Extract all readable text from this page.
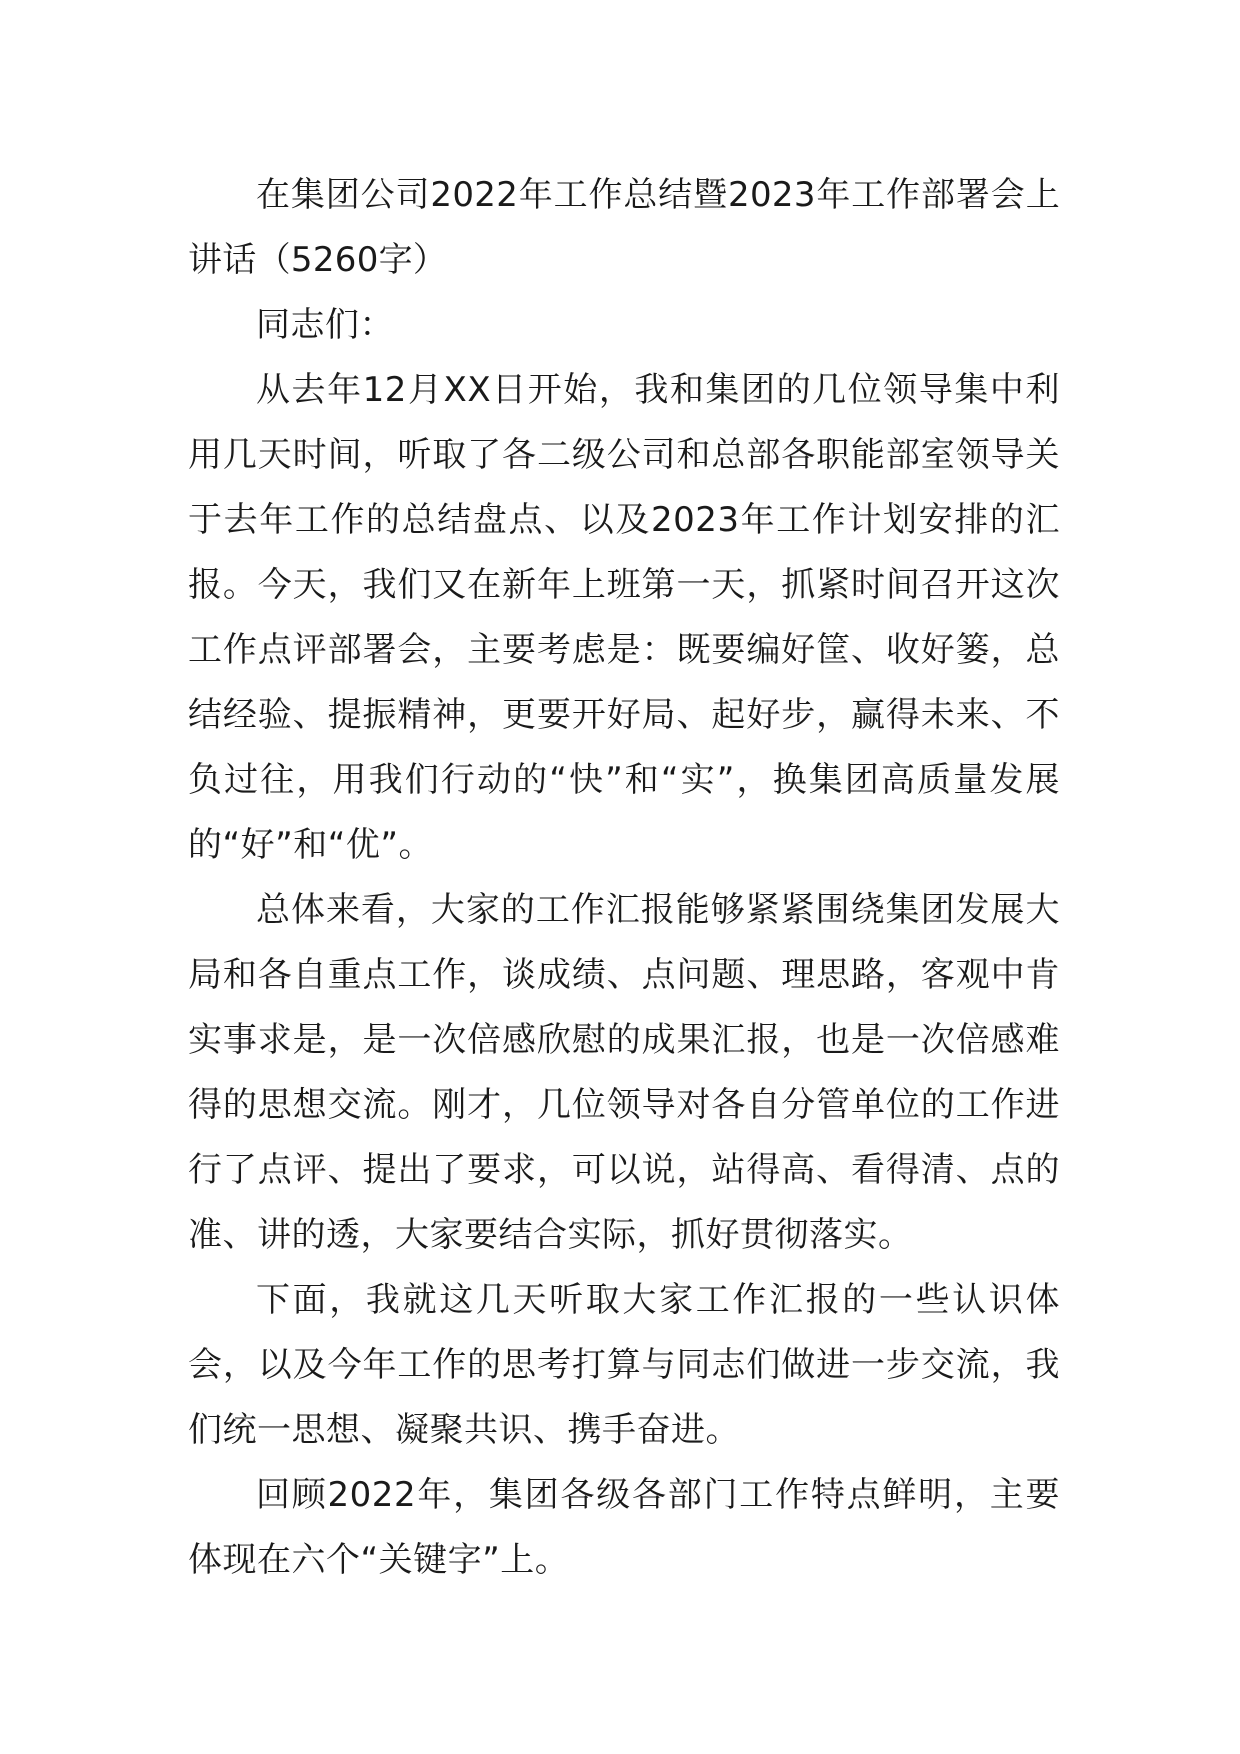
在集团公司2022年工作总结暨2023年工作部署会上讲话（5260字）

同志们：

从去年12月XX日开始，我和集团的几位领导集中利用几天时间，听取了各二级公司和总部各职能部室领导关于去年工作的总结盘点、以及2023年工作计划安排的汇报。今天，我们又在新年上班第一天，抓紧时间召开这次工作点评部署会，主要考虑是：既要编好筐、收好篓，总结经验、提振精神，更要开好局、起好步，赢得未来、不负过往，用我们行动的“快”和“实”，换集团高质量发展的“好”和“优”。

总体来看，大家的工作汇报能够紧紧围绕集团发展大局和各自重点工作，谈成绩、点问题、理思路，客观中肯实事求是，是一次倍感欣慰的成果汇报，也是一次倍感难得的思想交流。刚才，几位领导对各自分管单位的工作进行了点评、提出了要求，可以说，站得高、看得清、点的准、讲的透，大家要结合实际，抓好贯彻落实。

下面，我就这几天听取大家工作汇报的一些认识体会，以及今年工作的思考打算与同志们做进一步交流，我们统一思想、凝聚共识、携手奋进。

回顾2022年，集团各级各部门工作特点鲜明，主要体现在六个“关键字”上。
